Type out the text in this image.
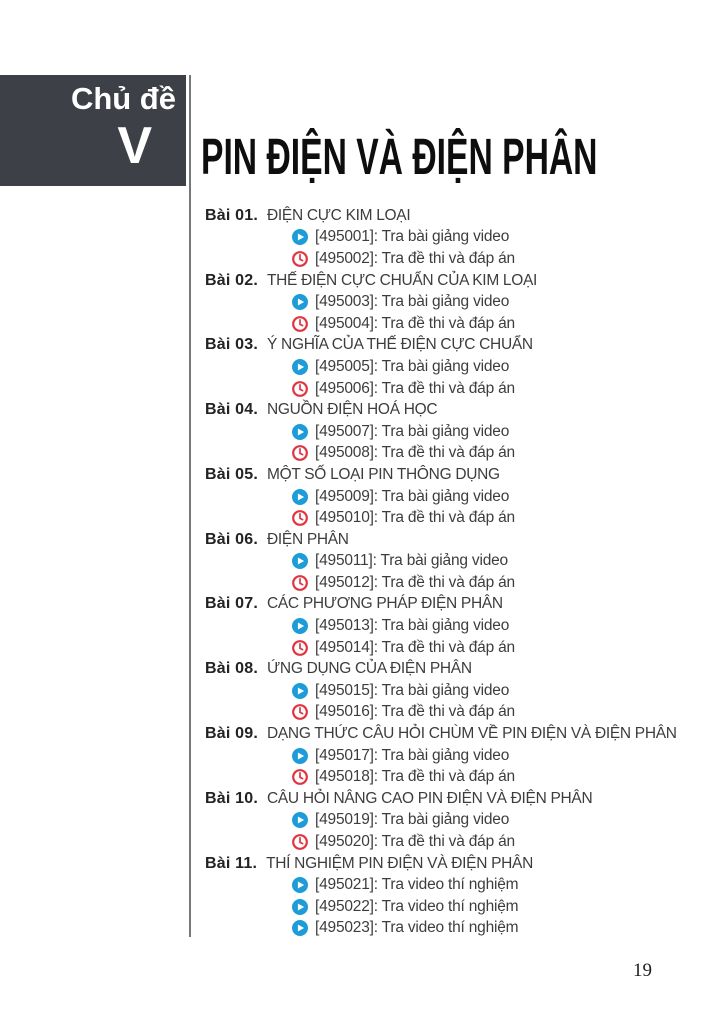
Chủ đề
V PIN ĐIỆN VÀ ĐIỆN PHÂN
Bài 01. ĐIỆN CỰC KIM LOẠI
[495001]: Tra bài giảng video
[495002]: Tra đề thi và đáp án
Bài 02. THẾ ĐIỆN CỰC CHUẨN CỦA KIM LOẠI
[495003]: Tra bài giảng video
[495004]: Tra đề thi và đáp án
Bài 03. Ý NGHĨA CỦA THẾ ĐIỆN CỰC CHUẨN
[495005]: Tra bài giảng video
[495006]: Tra đề thi và đáp án
Bài 04. NGUỒN ĐIỆN HOÁ HỌC
[495007]: Tra bài giảng video
[495008]: Tra đề thi và đáp án
Bài 05. MỘT SỐ LOẠI PIN THÔNG DỤNG
[495009]: Tra bài giảng video
[495010]: Tra đề thi và đáp án
Bài 06. ĐIỆN PHÂN
[495011]: Tra bài giảng video
[495012]: Tra đề thi và đáp án
Bài 07. CÁC PHƯƠNG PHÁP ĐIỆN PHÂN
[495013]: Tra bài giảng video
[495014]: Tra đề thi và đáp án
Bài 08. ỨNG DỤNG CỦA ĐIỆN PHÂN
[495015]: Tra bài giảng video
[495016]: Tra đề thi và đáp án
Bài 09. DẠNG THỨC CÂU HỎI CHÙM VỀ PIN ĐIỆN VÀ ĐIỆN PHÂN
[495017]: Tra bài giảng video
[495018]: Tra đề thi và đáp án
Bài 10. CÂU HỎI NÂNG CAO PIN ĐIỆN VÀ ĐIỆN PHÂN
[495019]: Tra bài giảng video
[495020]: Tra đề thi và đáp án
Bài 11. THÍ NGHIỆM PIN ĐIỆN VÀ ĐIỆN PHÂN
[495021]: Tra video thí nghiệm
[495022]: Tra video thí nghiệm
[495023]: Tra video thí nghiệm
19
